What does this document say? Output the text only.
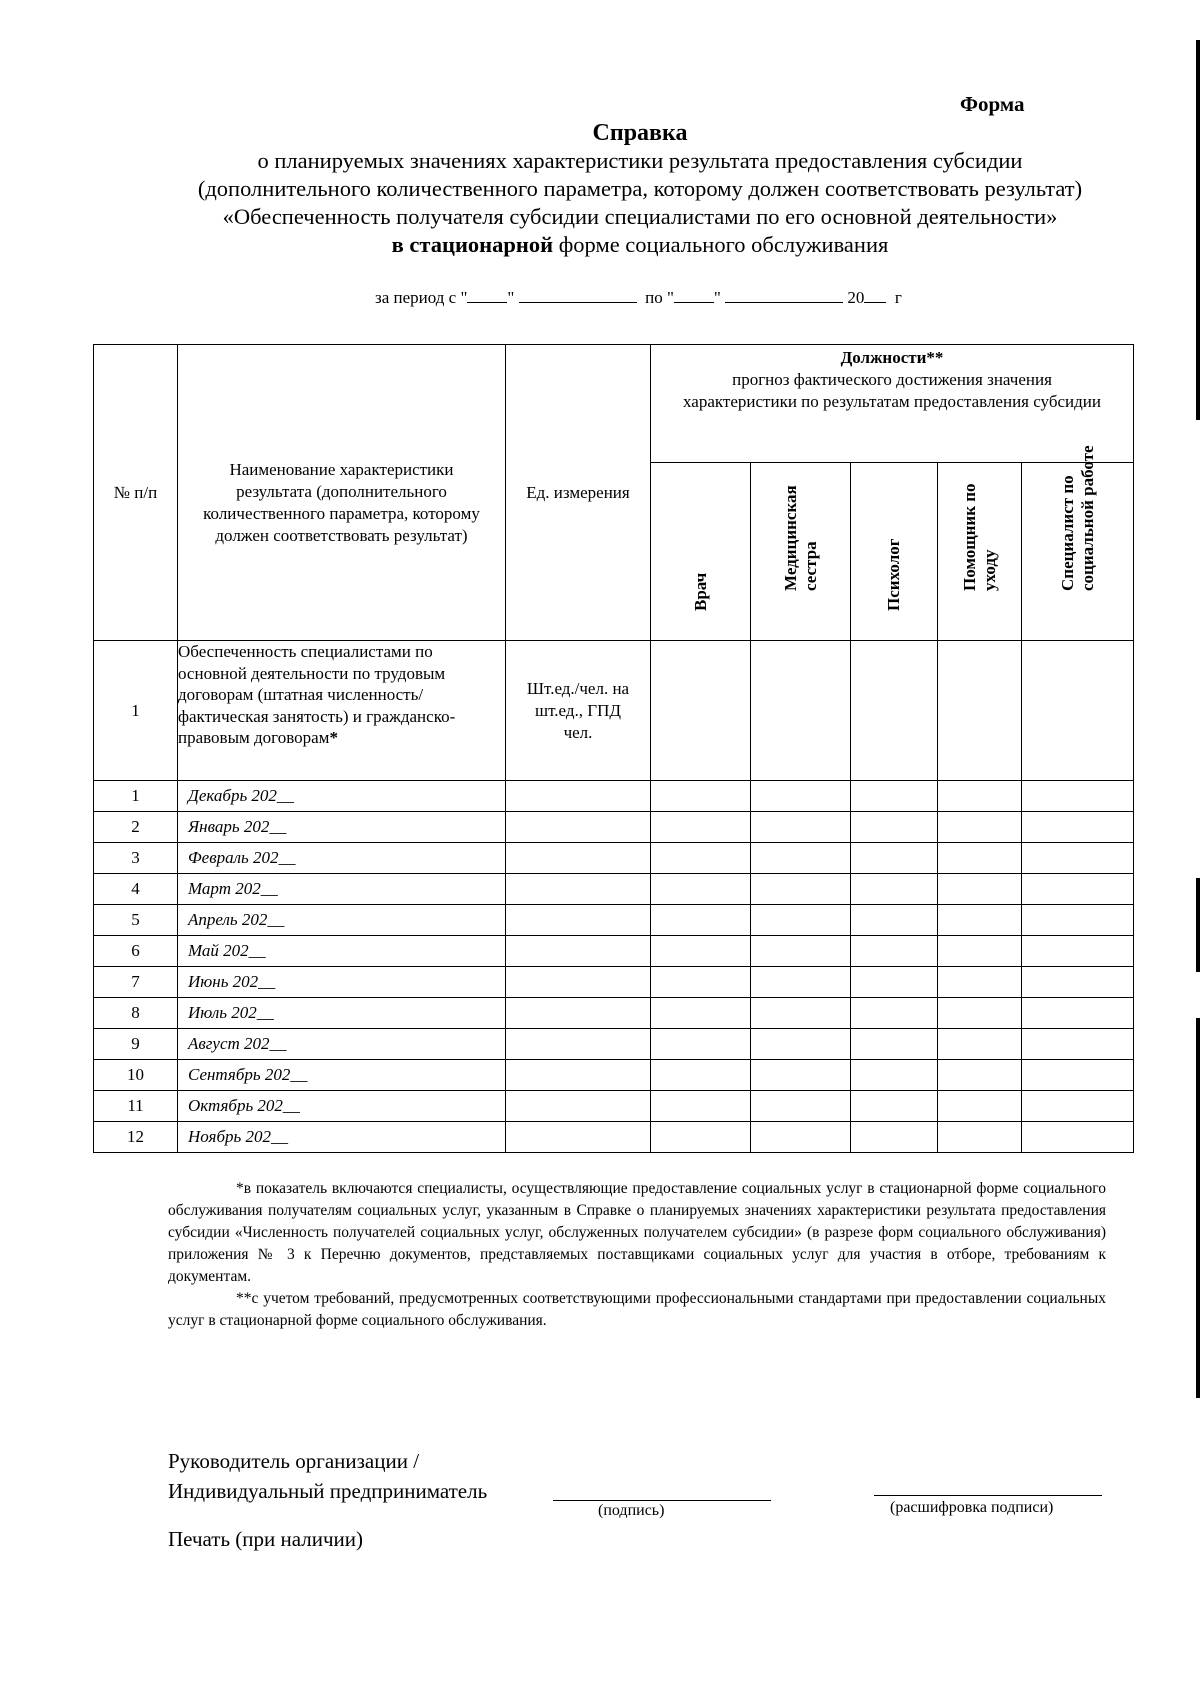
Форма
Справка
о планируемых значениях характеристики результата предоставления субсидии
(дополнительного количественного параметра, которому должен соответствовать результат)
«Обеспеченность получателя субсидии специалистами по его основной деятельности»
в стационарной форме социального обслуживания
за период с " "	по " "	20 г
№ п/п	Наименование характеристики результата (дополнительного количественного параметра, которому должен соответствовать результат)	Ед. измерения	Должности**
прогноз фактического достижения значения характеристики по результатам предоставления субсидии				

			Врач	Медицинская сестра	Психолог	Помощник по уходу	Специалист по социальной работе

1	Обеспеченность специалистами по основной деятельности по трудовым договорам (штатная численность/ фактическая занятость) и гражданско-правовым договорам*	Шт.ед./чел. на шт.ед., ГПД чел.					
1	Декабрь 202__						
2	Январь 202__						
3	Февраль 202__						
4	Март 202__						
5	Апрель 202__						
6	Май 202__						
7	Июнь 202__						
8	Июль 202__						
9	Август 202__						
10	Сентябрь 202__						
11	Октябрь 202__						
12	Ноябрь 202__						

*в показатель включаются специалисты, осуществляющие предоставление социальных услуг в стационарной форме социального обслуживания получателям социальных услуг, указанным в Справке о планируемых значениях характеристики результата предоставления субсидии «Численность получателей социальных услуг, обслуженных получателем субсидии» (в разрезе форм социального обслуживания) приложения № 3 к Перечню документов, представляемых поставщиками социальных услуг для участия в отборе, требованиям к документам.

**с учетом требований, предусмотренных соответствующими профессиональными стандартами при предоставлении социальных услуг в стационарной форме социального обслуживания.

Руководитель организации /
Индивидуальный предприниматель
(подпись)	(расшифровка подписи)
Печать (при наличии)
